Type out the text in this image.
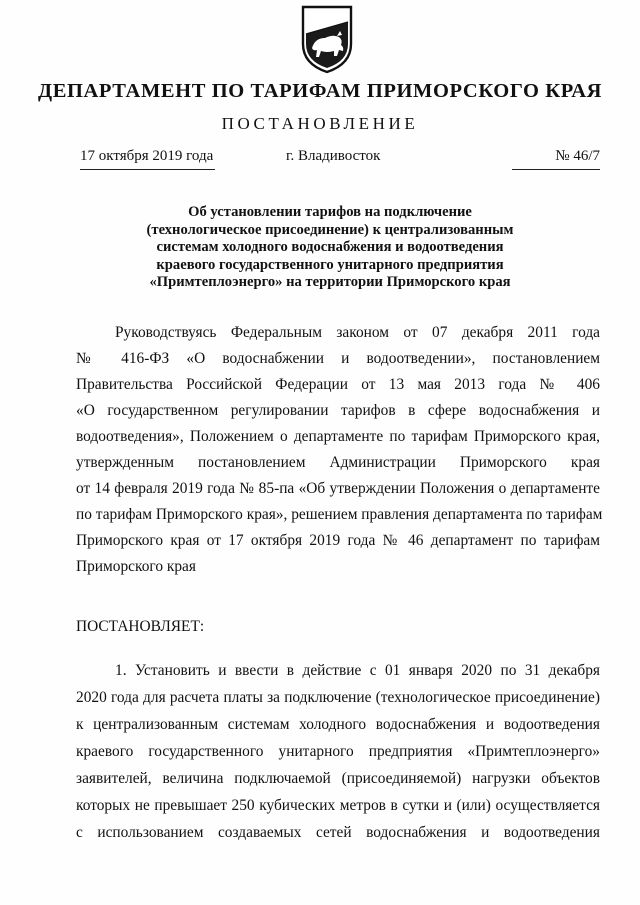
ДЕПАРТАМЕНТ ПО ТАРИФАМ ПРИМОРСКОГО КРАЯ
ПОСТАНОВЛЕНИЕ
17 октября 2019 года	г. Владивосток	№ 46/7
Об установлении тарифов на подключение
(технологическое присоединение) к централизованным
системам холодного водоснабжения и водоотведения
краевого государственного унитарного предприятия
«Примтеплоэнерго» на территории Приморского края
Руководствуясь Федеральным законом от 07 декабря 2011 года
№ 416-ФЗ «О водоснабжении и водоотведении», постановлением
Правительства Российской Федерации от 13 мая 2013 года № 406
«О государственном регулировании тарифов в сфере водоснабжения и
водоотведения», Положением о департаменте по тарифам Приморского края,
утвержденным постановлением Администрации Приморского края
от 14 февраля 2019 года № 85-па «Об утверждении Положения о департаменте
по тарифам Приморского края», решением правления департамента по тарифам
Приморского края от 17 октября 2019 года № 46 департамент по тарифам
Приморского края
ПОСТАНОВЛЯЕТ:
1. Установить и ввести в действие с 01 января 2020 по 31 декабря
2020 года для расчета платы за подключение (технологическое присоединение)
к централизованным системам холодного водоснабжения и водоотведения
краевого государственного унитарного предприятия «Примтеплоэнерго»
заявителей, величина подключаемой (присоединяемой) нагрузки объектов
которых не превышает 250 кубических метров в сутки и (или) осуществляется
с использованием создаваемых сетей водоснабжения и водоотведения
